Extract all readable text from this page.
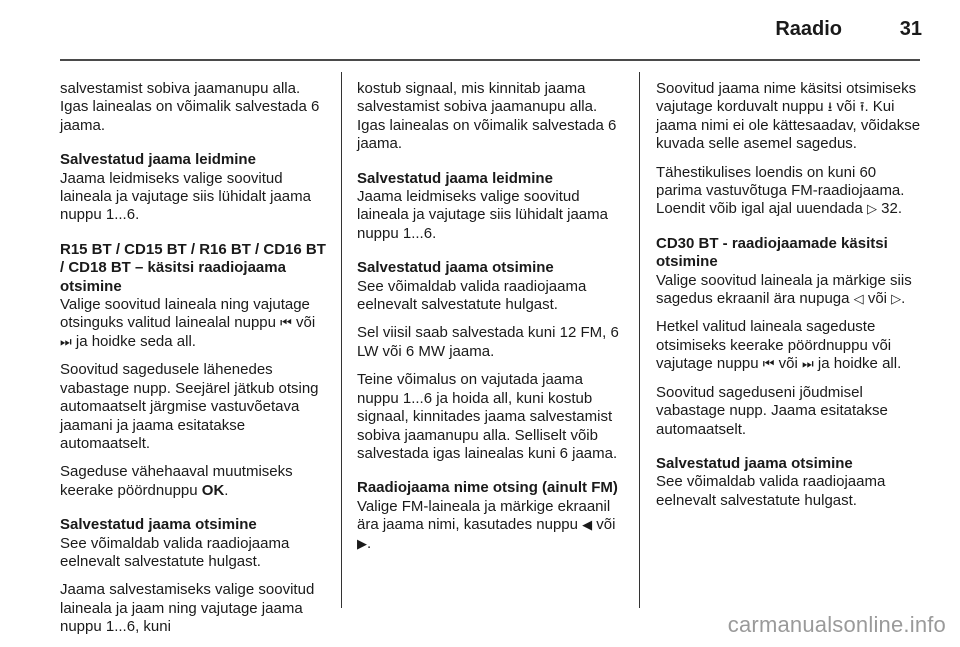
Raadio	31

salvestamist sobiva jaamanupu alla. Igas lainealas on võimalik salvestada 6 jaama.

Salvestatud jaama leidmine

Jaama leidmiseks valige soovitud laineala ja vajutage siis lühidalt jaama nuppu 1...6.

R15 BT / CD15 BT / R16 BT / CD16 BT / CD18 BT – käsitsi raadiojaama otsimine

Valige soovitud laineala ning vajutage otsinguks valitud lainealal nuppu ⏮ või ⏭ ja hoidke seda all.

Soovitud sagedusele lähenedes vabastage nupp. Seejärel jätkub otsing automaatselt järgmise vastuvõetava jaamani ja jaama esitatakse automaatselt.

Sageduse vähehaaval muutmiseks keerake pöördnuppu OK.

Salvestatud jaama otsimine

See võimaldab valida raadiojaama eelnevalt salvestatute hulgast.

Jaama salvestamiseks valige soovitud laineala ja jaam ning vajutage jaama nuppu 1...6, kuni

kostub signaal, mis kinnitab jaama salvestamist sobiva jaamanupu alla. Igas lainealas on võimalik salvestada 6 jaama.

Salvestatud jaama leidmine

Jaama leidmiseks valige soovitud laineala ja vajutage siis lühidalt jaama nuppu 1...6.

Salvestatud jaama otsimine

See võimaldab valida raadiojaama eelnevalt salvestatute hulgast.

Sel viisil saab salvestada kuni 12 FM, 6 LW või 6 MW jaama.

Teine võimalus on vajutada jaama nuppu 1...6 ja hoida all, kuni kostub signaal, kinnitades jaama salvestamist sobiva jaamanupu alla. Selliselt võib salvestada igas lainealas kuni 6 jaama.

Raadiojaama nime otsing (ainult FM)

Valige FM-laineala ja märkige ekraanil ära jaama nimi, kasutades nuppu ◀ või ▶.

Soovitud jaama nime käsitsi otsimiseks vajutage korduvalt nuppu ⭳ või ⭱. Kui jaama nimi ei ole kättesaadav, võidakse kuvada selle asemel sagedus.

Tähestikulises loendis on kuni 60 parima vastuvõtuga FM-raadiojaama. Loendit võib igal ajal uuendada ▷ 32.

CD30 BT - raadiojaamade käsitsi otsimine

Valige soovitud laineala ja märkige siis sagedus ekraanil ära nupuga ◁ või ▷.

Hetkel valitud laineala sageduste otsimiseks keerake pöördnuppu või vajutage nuppu ⏮ või ⏭ ja hoidke all.

Soovitud sageduseni jõudmisel vabastage nupp. Jaama esitatakse automaatselt.

Salvestatud jaama otsimine

See võimaldab valida raadiojaama eelnevalt salvestatute hulgast.

carmanualsonline.info
